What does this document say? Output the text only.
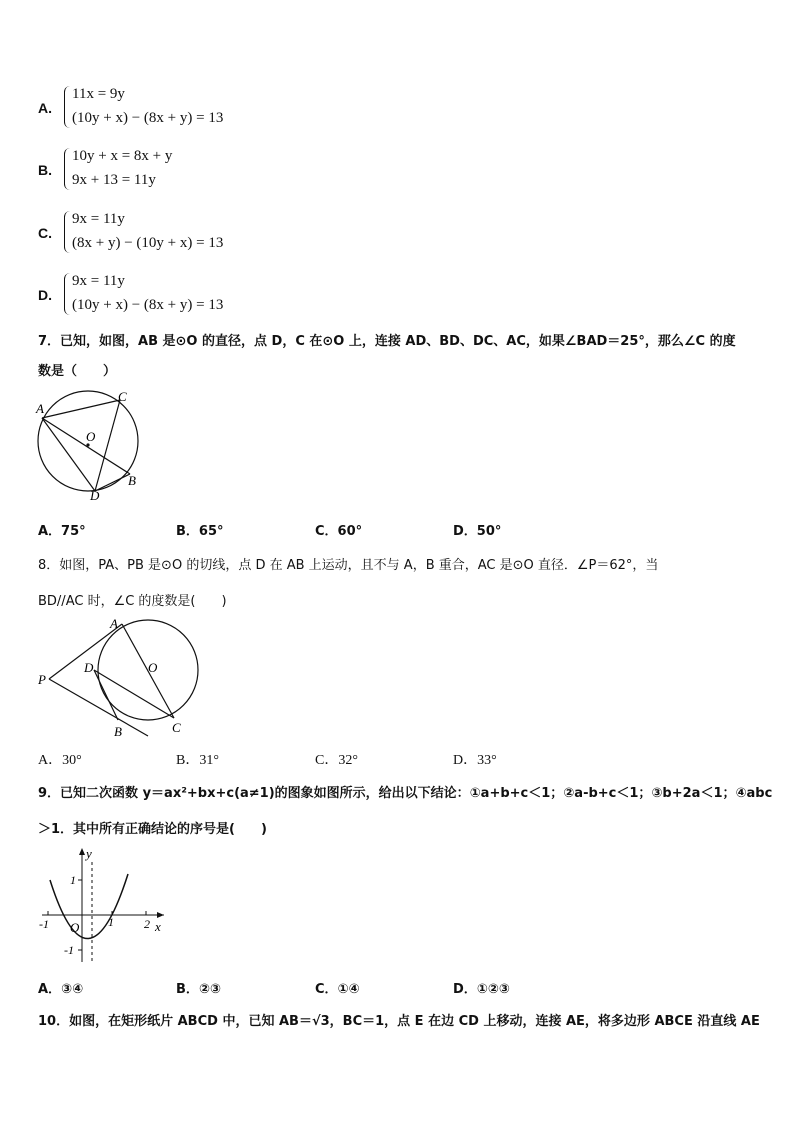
A.
11x = 9y
(10y + x) − (8x + y) = 13
B.
10y + x = 8x + y
9x + 13 = 11y
C.
9x = 11y
(8x + y) − (10y + x) = 13
D.
9x = 11y
(10y + x) − (8x + y) = 13
7．已知，如图，AB 是⊙O 的直径，点 D，C 在⊙O 上，连接 AD、BD、DC、AC，如果∠BAD＝25°，那么∠C 的度
数是（　　）
A
C
O
B
D
A．75°	B．65°	C．60°	D．50°
8．如图，PA、PB 是⊙O 的切线，点 D 在 AB 上运动，且不与 A，B 重合，AC 是⊙O 直径．∠P＝62°，当
BD//AC 时，∠C 的度数是(　　)
P
A
D	O
C
B
A．30°	B．31°	C．32°	D．33°
9．已知二次函数 y＝ax²+bx+c(a≠1)的图象如图所示，给出以下结论：①a+b+c＜1；②a-b+c＜1；③b+2a＜1；④abc
＞1．其中所有正确结论的序号是(　　)
y
x
O
1
-1
-1	1	2
A．③④	B．②③	C．①④	D．①②③
10．如图，在矩形纸片 ABCD 中，已知 AB＝√3，BC＝1，点 E 在边 CD 上移动，连接 AE，将多边形 ABCE 沿直线 AE
